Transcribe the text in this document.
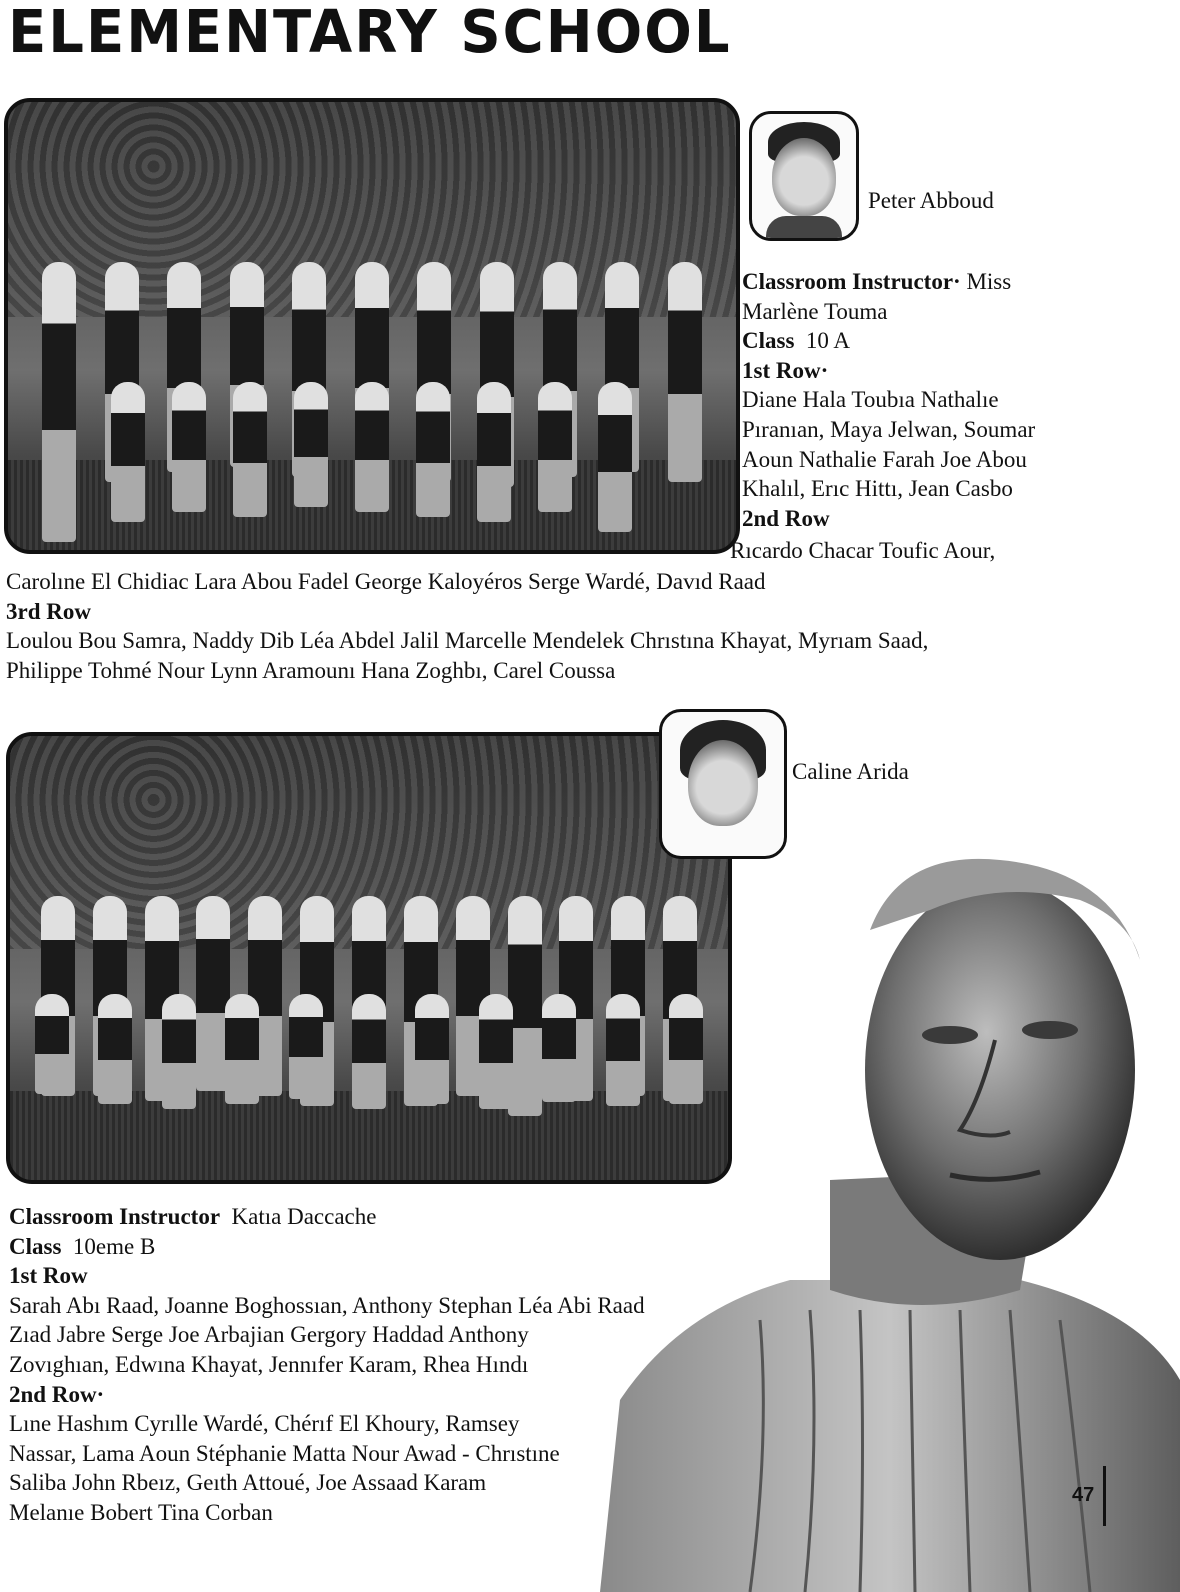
ELEMENTARY SCHOOL
Peter Abboud
Classroom Instructor· Miss
Marlène Touma
Class 10 A
1st Row·
Diane Hala Toubıa Nathalıe
Pıranıan, Maya Jelwan, Soumar
Aoun Nathalie Farah Joe Abou
Khalıl, Erıc Hittı, Jean Casbo
2nd Row
Rıcardo Chacar Toufic Aour,
Carolıne El Chidiac Lara Abou Fadel George Kaloyéros Serge Wardé, Davıd Raad
3rd Row
Loulou Bou Samra, Naddy Dib Léa Abdel Jalil Marcelle Mendelek Chrıstına Khayat, Myrıam Saad,
Philippe Tohmé Nour Lynn Aramounı Hana Zoghbı, Carel Coussa
Caline Arida
Classroom Instructor Katıa Daccache
Class 10eme B
1st Row
Sarah Abı Raad, Joanne Boghossıan, Anthony Stephan Léa Abi Raad
Zıad Jabre Serge Joe Arbajian Gergory Haddad Anthony
Zovıghıan, Edwına Khayat, Jennıfer Karam, Rhea Hındı
2nd Row·
Lıne Hashım Cyrılle Wardé, Chérıf El Khoury, Ramsey
Nassar, Lama Aoun Stéphanie Matta Nour Awad - Chrıstıne
Saliba John Rbeız, Geıth Attoué, Joe Assaad Karam
Melanıe Bobert Tina Corban
47
